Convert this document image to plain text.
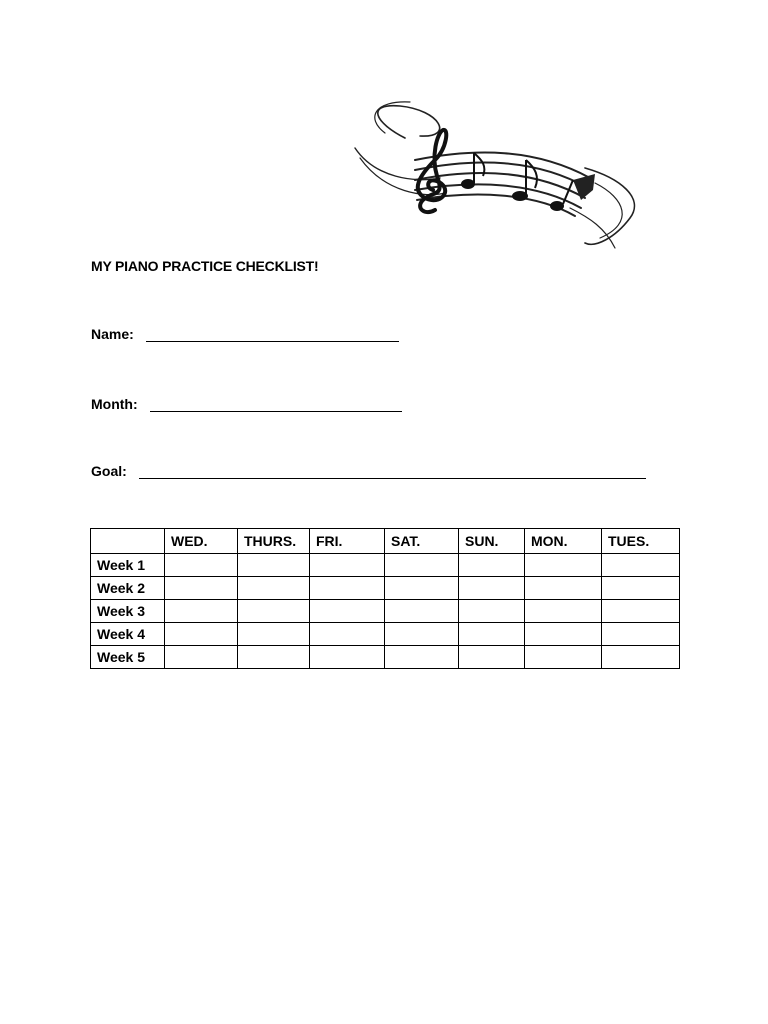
MY PIANO PRACTICE CHECKLIST!
Name:
Month:
Goal:
	WED.	THURS.	FRI.	SAT.	SUN.	MON.	TUES.
Week 1							
Week 2							
Week 3							
Week 4							
Week 5							
